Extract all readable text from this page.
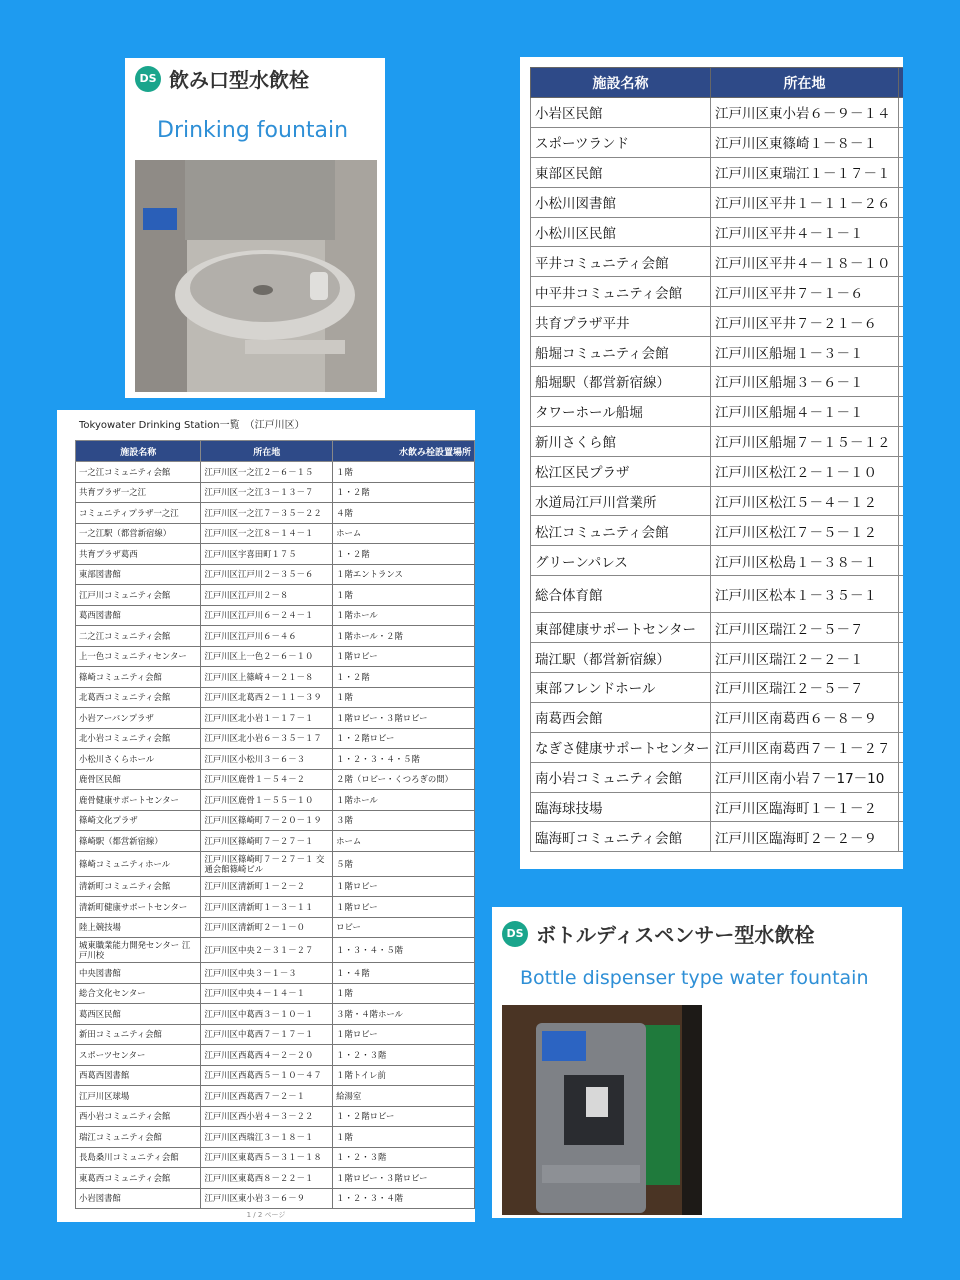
DS 飲み口型水飲栓
Drinking fountain
Tokyowater Drinking Station一覧　（江戸川区）
施設名称	所在地	水飲み栓設置場所
一之江コミュニティ会館	江戸川区一之江２－６－１５	１階
共育プラザ一之江	江戸川区一之江３－１３－７	１・２階
コミュニティプラザ一之江	江戸川区一之江７－３５－２２	４階
一之江駅（都営新宿線）	江戸川区一之江８－１４－１	ホーム
共育プラザ葛西	江戸川区宇喜田町１７５	１・２階
東部図書館	江戸川区江戸川２－３５－６	１階エントランス
江戸川コミュニティ会館	江戸川区江戸川２－８	１階
葛西図書館	江戸川区江戸川６－２４－１	１階ホール
二之江コミュニティ会館	江戸川区江戸川６－４６	１階ホール・２階
上一色コミュニティセンター	江戸川区上一色２－６－１０	１階ロビー
篠崎コミュニティ会館	江戸川区上篠崎４－２１－８	１・２階
北葛西コミュニティ会館	江戸川区北葛西２－１１－３９	１階
小岩アーバンプラザ	江戸川区北小岩１－１７－１	１階ロビー・３階ロビー
北小岩コミュニティ会館	江戸川区北小岩６－３５－１７	１・２階ロビー
小松川さくらホール	江戸川区小松川３－６－３	１・２・３・４・５階
鹿骨区民館	江戸川区鹿骨１－５４－２	２階（ロビー・くつろぎの間）
鹿骨健康サポートセンター	江戸川区鹿骨１－５５－１０	１階ホール
篠崎文化プラザ	江戸川区篠崎町７－２０－１９	３階
篠崎駅（都営新宿線）	江戸川区篠崎町７－２７－１	ホーム
篠崎コミュニティホール	江戸川区篠崎町７－２７－１ 交通会館篠崎ビル	５階
清新町コミュニティ会館	江戸川区清新町１－２－２	１階ロビー
清新町健康サポートセンター	江戸川区清新町１－３－１１	１階ロビー
陸上競技場	江戸川区清新町２－１－０	ロビー
城東職業能力開発センター 江戸川校	江戸川区中央２－３１－２７	１・３・４・５階
中央図書館	江戸川区中央３－１－３	１・４階
総合文化センター	江戸川区中央４－１４－１	１階
葛西区民館	江戸川区中葛西３－１０－１	３階・４階ホール
新田コミュニティ会館	江戸川区中葛西７－１７－１	１階ロビー
スポーツセンター	江戸川区西葛西４－２－２０	１・２・３階
西葛西図書館	江戸川区西葛西５－１０－４７	１階トイレ前
江戸川区球場	江戸川区西葛西７－２－１	給湯室
西小岩コミュニティ会館	江戸川区西小岩４－３－２２	１・２階ロビー
瑞江コミュニティ会館	江戸川区西瑞江３－１８－１	１階
長島桑川コミュニティ会館	江戸川区東葛西５－３１－１８	１・２・３階
東葛西コミュニティ会館	江戸川区東葛西８－２２－１	１階ロビー・３階ロビー
小岩図書館	江戸川区東小岩３－６－９	１・２・３・４階
1 / 2 ページ
施設名称	所在地	
小岩区民館	江戸川区東小岩６－９－１４	
スポーツランド	江戸川区東篠崎１－８－１	
東部区民館	江戸川区東瑞江１－１７－１	
小松川図書館	江戸川区平井１－１１－２６	
小松川区民館	江戸川区平井４－１－１	
平井コミュニティ会館	江戸川区平井４－１８－１０	
中平井コミュニティ会館	江戸川区平井７－１－６	
共育プラザ平井	江戸川区平井７－２１－６	
船堀コミュニティ会館	江戸川区船堀１－３－１	
船堀駅（都営新宿線）	江戸川区船堀３－６－１	
タワーホール船堀	江戸川区船堀４－１－１	
新川さくら館	江戸川区船堀７－１５－１２	
松江区民プラザ	江戸川区松江２－１－１０	
水道局江戸川営業所	江戸川区松江５－４－１２	
松江コミュニティ会館	江戸川区松江７－５－１２	
グリーンパレス	江戸川区松島１－３８－１	
総合体育館	江戸川区松本１－３５－１	
東部健康サポートセンター	江戸川区瑞江２－５－７	
瑞江駅（都営新宿線）	江戸川区瑞江２－２－１	
東部フレンドホール	江戸川区瑞江２－５－７	
南葛西会館	江戸川区南葛西６－８－９	
なぎさ健康サポートセンター	江戸川区南葛西７－１－２７	
南小岩コミュニティ会館	江戸川区南小岩７－17－10	
臨海球技場	江戸川区臨海町１－１－２	
臨海町コミュニティ会館	江戸川区臨海町２－２－９	
DS ボトルディスペンサー型水飲栓
Bottle dispenser type water fountain
